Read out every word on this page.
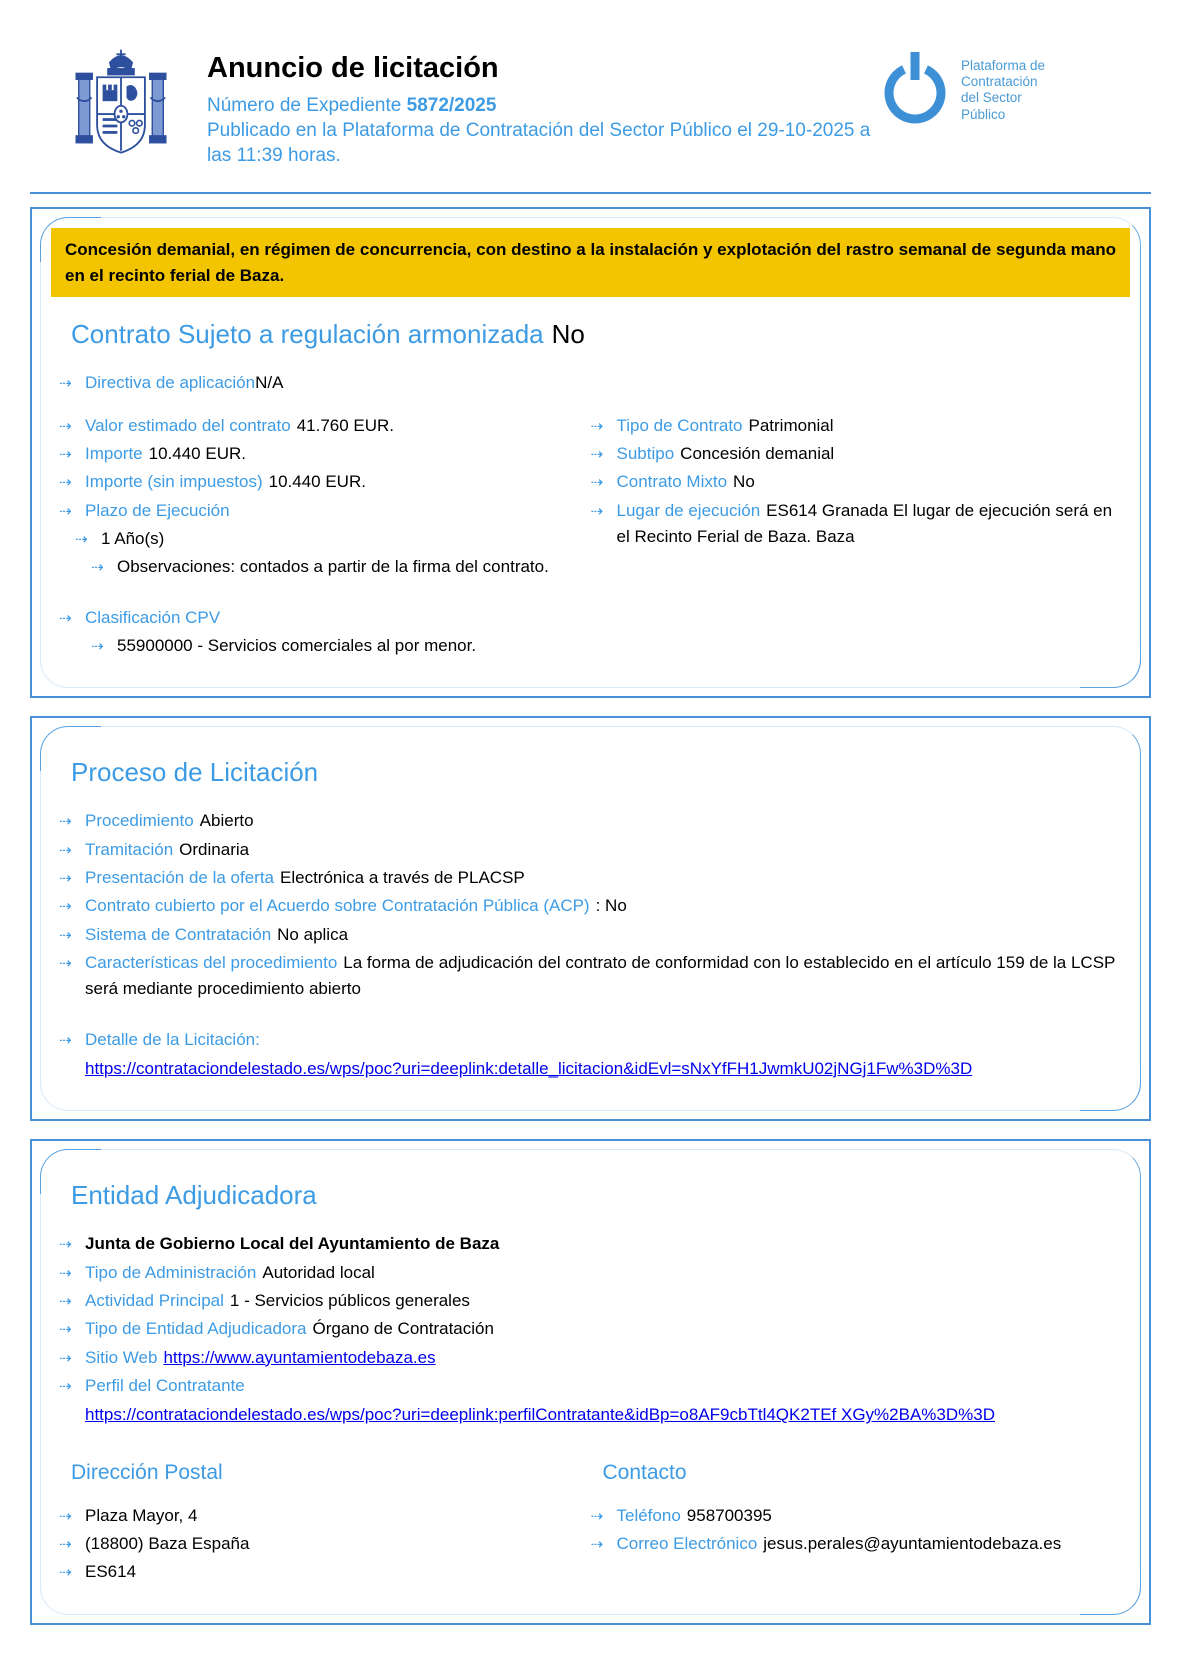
Anuncio de licitación
Número de Expediente 5872/2025
Publicado en la Plataforma de Contratación del Sector Público el 29-10-2025 a las 11:39 horas.
Plataforma de
Contratación
del Sector
Público
Concesión demanial, en régimen de concurrencia, con destino a la instalación y explotación del rastro semanal de segunda mano en el recinto ferial de Baza.
Contrato Sujeto a regulación armonizada No
⇢ Directiva de aplicaciónN/A
⇢ Valor estimado del contrato 41.760 EUR.
⇢ Importe 10.440 EUR.
⇢ Importe (sin impuestos) 10.440 EUR.
⇢ Plazo de Ejecución
⇢ 1 Año(s)
⇢ Observaciones: contados a partir de la firma del contrato.
⇢ Clasificación CPV
⇢ 55900000 - Servicios comerciales al por menor.
⇢ Tipo de Contrato Patrimonial
⇢ Subtipo Concesión demanial
⇢ Contrato Mixto No
⇢ Lugar de ejecución ES614 Granada El lugar de ejecución será en el Recinto Ferial de Baza. Baza
Proceso de Licitación
⇢ Procedimiento Abierto
⇢ Tramitación Ordinaria
⇢ Presentación de la oferta Electrónica a través de PLACSP
⇢ Contrato cubierto por el Acuerdo sobre Contratación Pública (ACP) : No
⇢ Sistema de Contratación No aplica
⇢ Características del procedimiento La forma de adjudicación del contrato de conformidad con lo establecido en el artículo 159 de la LCSP será mediante procedimiento abierto
⇢ Detalle de la Licitación:
https://contrataciondelestado.es/wps/poc?uri=deeplink:detalle_licitacion&idEvl=sNxYfFH1JwmkU02jNGj1Fw%3D%3D
Entidad Adjudicadora
⇢ Junta de Gobierno Local del Ayuntamiento de Baza
⇢ Tipo de Administración Autoridad local
⇢ Actividad Principal 1 - Servicios públicos generales
⇢ Tipo de Entidad Adjudicadora Órgano de Contratación
⇢ Sitio Web https://www.ayuntamientodebaza.es
⇢ Perfil del Contratante
https://contrataciondelestado.es/wps/poc?uri=deeplink:perfilContratante&idBp=o8AF9cbTtl4QK2TEf XGy%2BA%3D%3D
Dirección Postal
⇢ Plaza Mayor, 4
⇢ (18800) Baza España
⇢ ES614
Contacto
⇢ Teléfono 958700395
⇢ Correo Electrónico jesus.perales@ayuntamientodebaza.es
